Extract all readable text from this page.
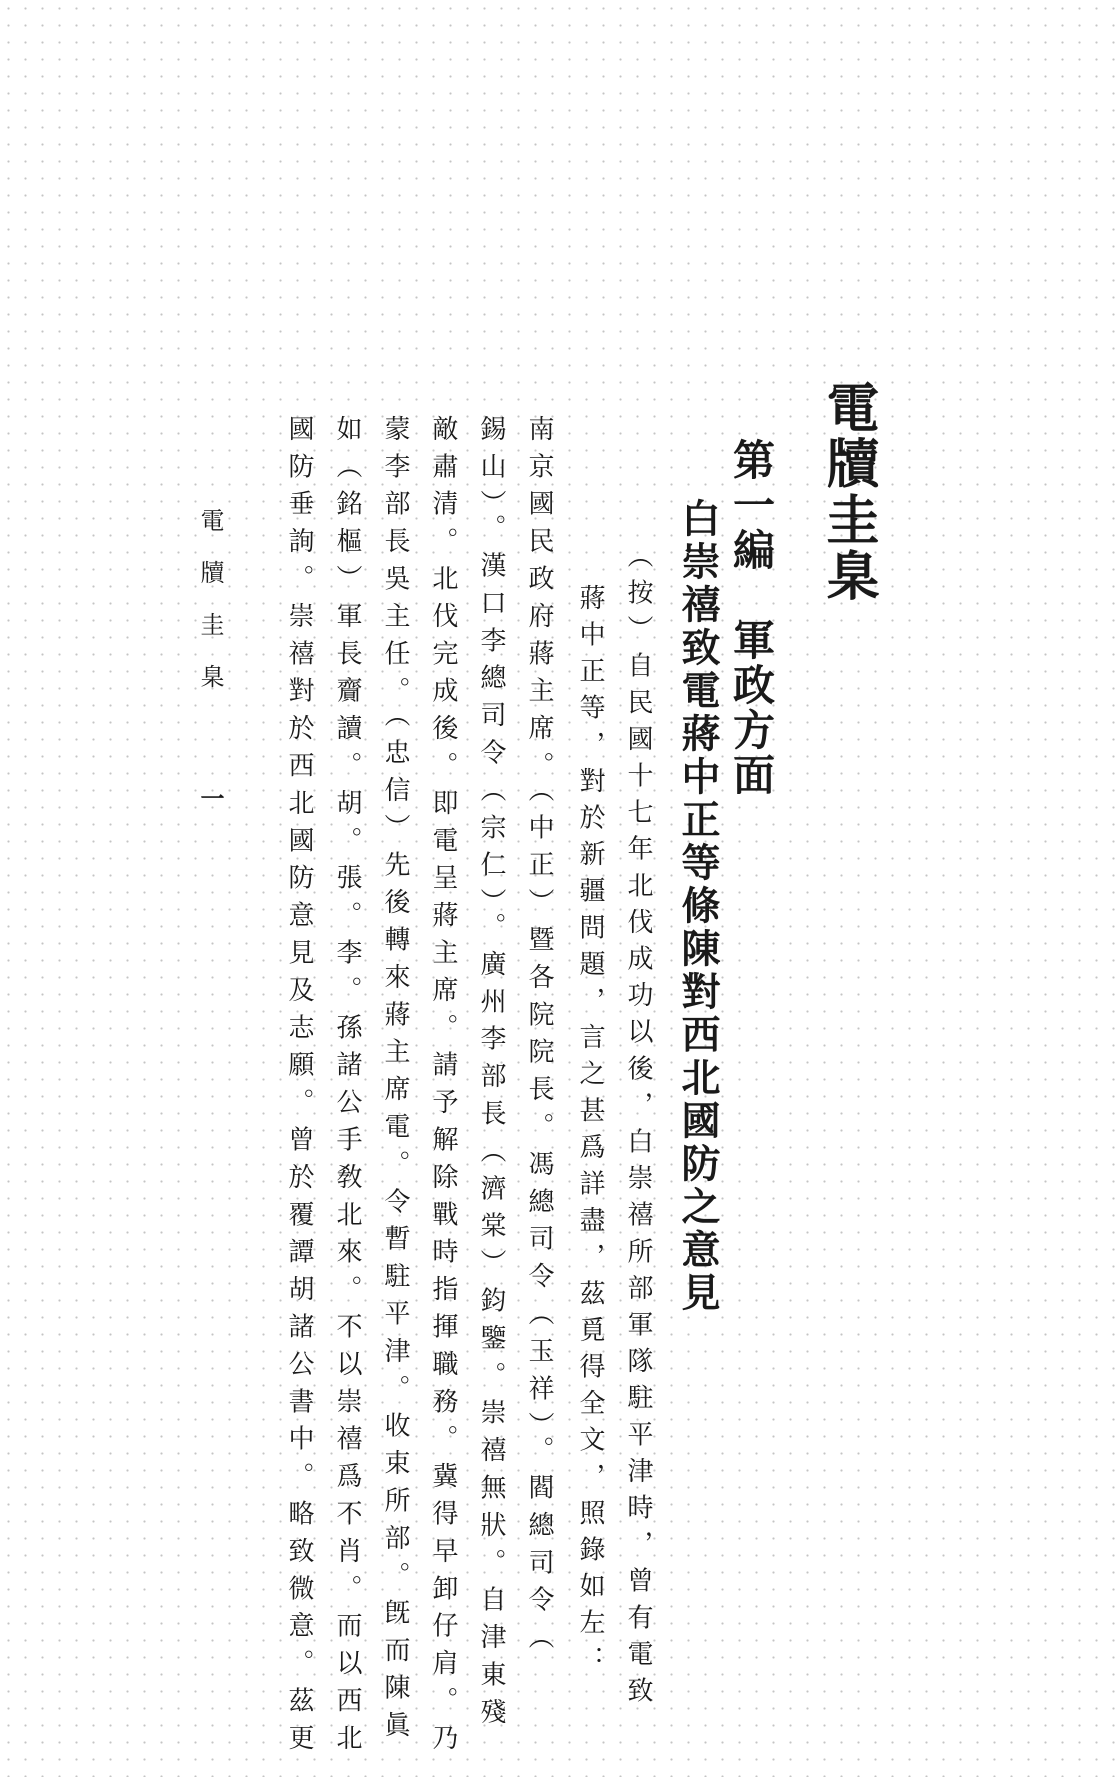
電牘圭臬
第一編　軍政方面
白崇禧致電蔣中正等條陳對西北國防之意見
（按）自民國十七年北伐成功以後，白崇禧所部軍隊駐平津時，曾有電致
蔣中正等，對於新疆問題，言之甚爲詳盡，茲覓得全文，照錄如左：
南京國民政府蔣主席。（中正）暨各院院長。馮總司令（玉祥）。閻總司令（
錫山）。漢口李總司令（宗仁）。廣州李部長（濟棠）鈞鑒。崇禧無狀。自津東殘
敵肅清。北伐完成後。即電呈蔣主席。請予解除戰時指揮職務。冀得早卸仔肩。乃
蒙李部長吳主任。（忠信）先後轉來蔣主席電。令暫駐平津。收束所部。旣而陳眞
如（銘樞）軍長齎讀。胡。張。李。孫諸公手敎北來。不以崇禧爲不肖。而以西北
國防垂詢。崇禧對於西北國防意見及志願。曾於覆譚胡諸公書中。略致微意。茲更
電牘圭臬
一
